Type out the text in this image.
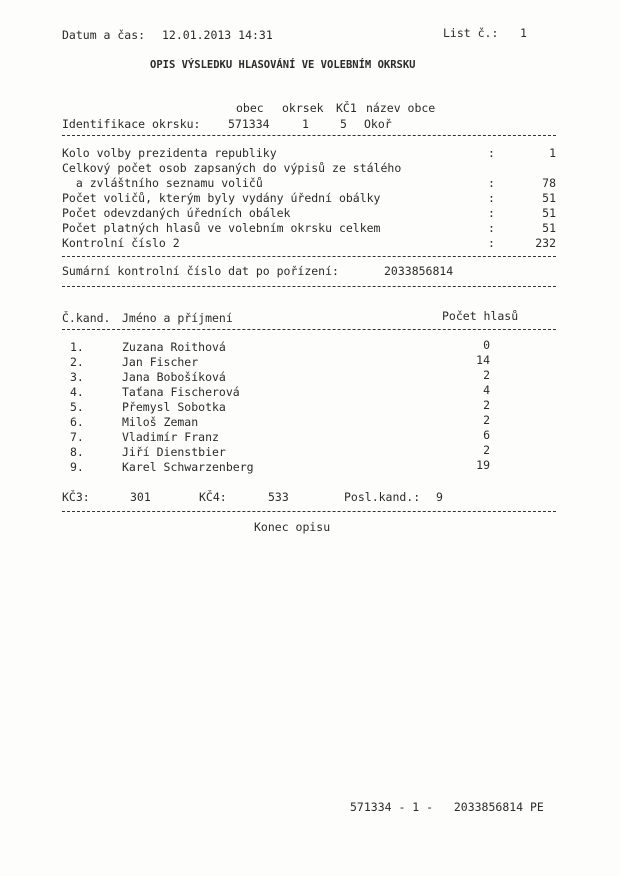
Datum a čas: 12.01.2013 14:31	List č.: 1
OPIS VÝSLEDKU HLASOVÁNÍ VE VOLEBNÍM OKRSKU
obec okrsek KČ1 název obce
Identifikace okrsku: 571334	1	5 Okoř
Kolo volby prezidenta republiky	:	1
Celkový počet osob zapsaných do výpisů ze stálého
a zvláštního seznamu voličů	:	78
Počet voličů, kterým byly vydány úřední obálky	:	51
Počet odevzdaných úředních obálek	:	51
Počet platných hlasů ve volebním okrsku celkem	:	51
Kontrolní číslo 2	:	232
Sumární kontrolní číslo dat po pořízení:	2033856814
Č.kand. Jméno a příjmení	Počet hlasů
1.	Zuzana Roithová	0
2.	Jan Fischer	14
3.	Jana Bobošíková	2
4.	Taťana Fischerová	4
5.	Přemysl Sobotka	2
6.	Miloš Zeman	2
7.	Vladimír Franz	6
8.	Jiří Dienstbier	2
9.	Karel Schwarzenberg	19
KČ3:	301	KČ4:	533	Posl.kand.: 9
Konec opisu
571334 - 1 -   2033856814 PE
